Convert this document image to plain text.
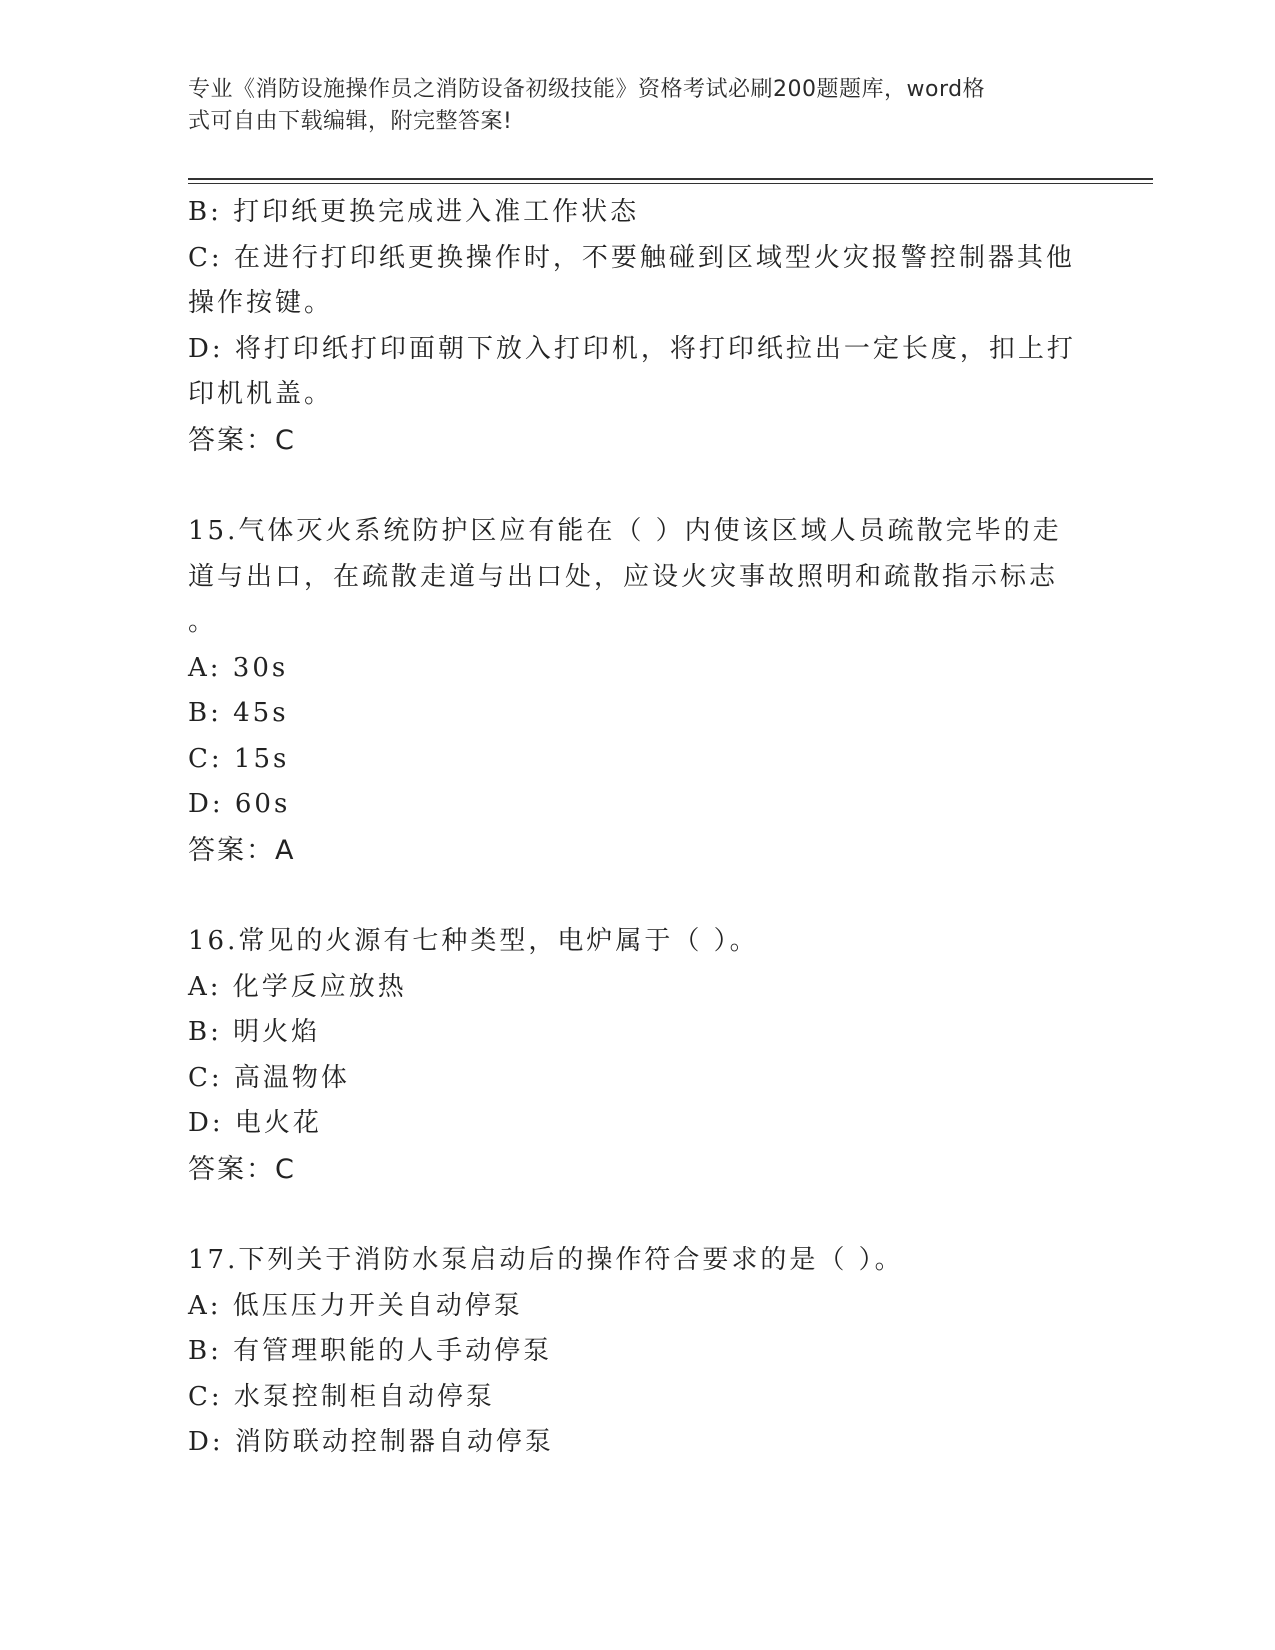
专业《消防设施操作员之消防设备初级技能》资格考试必刷200题题库，word格
式可自由下载编辑，附完整答案!
B: 打印纸更换完成进入准工作状态
C: 在进行打印纸更换操作时，不要触碰到区域型火灾报警控制器其他
操作按键。
D: 将打印纸打印面朝下放入打印机，将打印纸拉出一定长度，扣上打
印机机盖。
答案：C
15.气体灭火系统防护区应有能在（ ）内使该区域人员疏散完毕的走
道与出口，在疏散走道与出口处，应设火灾事故照明和疏散指示标志
。
A: 30s
B: 45s
C: 15s
D: 60s
答案：A
16.常见的火源有七种类型，电炉属于（ ）。
A: 化学反应放热
B: 明火焰
C: 高温物体
D: 电火花
答案：C
17.下列关于消防水泵启动后的操作符合要求的是（ ）。
A: 低压压力开关自动停泵
B: 有管理职能的人手动停泵
C: 水泵控制柜自动停泵
D: 消防联动控制器自动停泵
